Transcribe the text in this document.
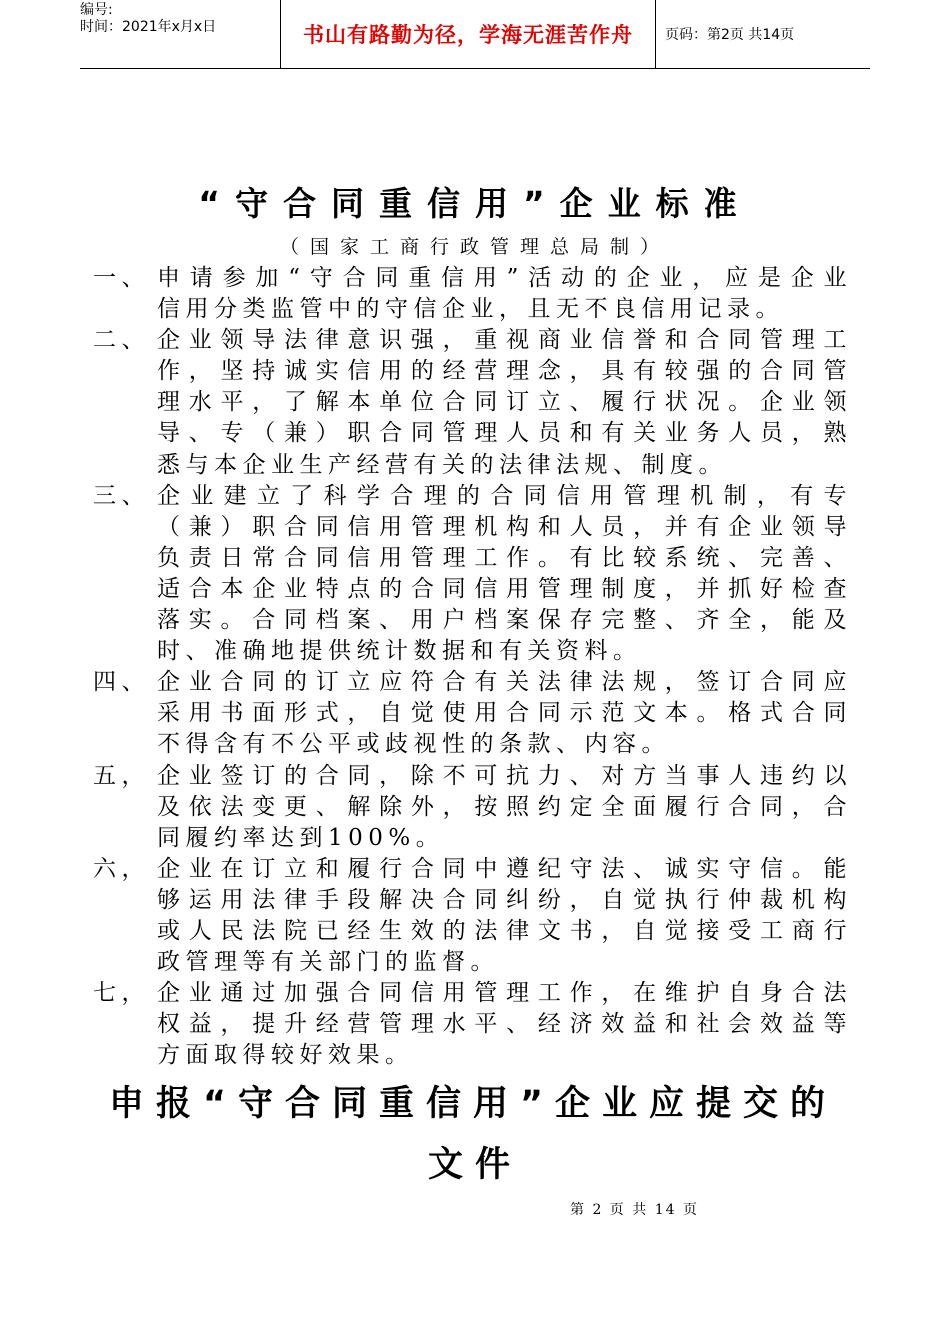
编号:
时间：2021年x月x日	书山有路勤为径，学海无涯苦作舟	页码：第2页 共14页
“守合同重信用”企业标准
（国家工商行政管理总局制）
一、 申请参加“守合同重信用”活动的企业，应是企业
信用分类监管中的守信企业，且无不良信用记录。
二、 企业领导法律意识强，重视商业信誉和合同管理工
作，坚持诚实信用的经营理念，具有较强的合同管
理水平，了解本单位合同订立、履行状况。企业领
导、专（兼）职合同管理人员和有关业务人员，熟
悉与本企业生产经营有关的法律法规、制度。
三、 企业建立了科学合理的合同信用管理机制，有专
（兼）职合同信用管理机构和人员，并有企业领导
负责日常合同信用管理工作。有比较系统、完善、
适合本企业特点的合同信用管理制度，并抓好检查
落实。合同档案、用户档案保存完整、齐全，能及
时、准确地提供统计数据和有关资料。
四、 企业合同的订立应符合有关法律法规，签订合同应
采用书面形式，自觉使用合同示范文本。格式合同
不得含有不公平或歧视性的条款、内容。
五， 企业签订的合同，除不可抗力、对方当事人违约以
及依法变更、解除外，按照约定全面履行合同，合
同履约率达到100%。
六， 企业在订立和履行合同中遵纪守法、诚实守信。能
够运用法律手段解决合同纠纷，自觉执行仲裁机构
或人民法院已经生效的法律文书，自觉接受工商行
政管理等有关部门的监督。
七， 企业通过加强合同信用管理工作，在维护自身合法
权益，提升经营管理水平、经济效益和社会效益等
方面取得较好效果。
申报“守合同重信用”企业应提交的
文件
第 2 页 共 14 页
